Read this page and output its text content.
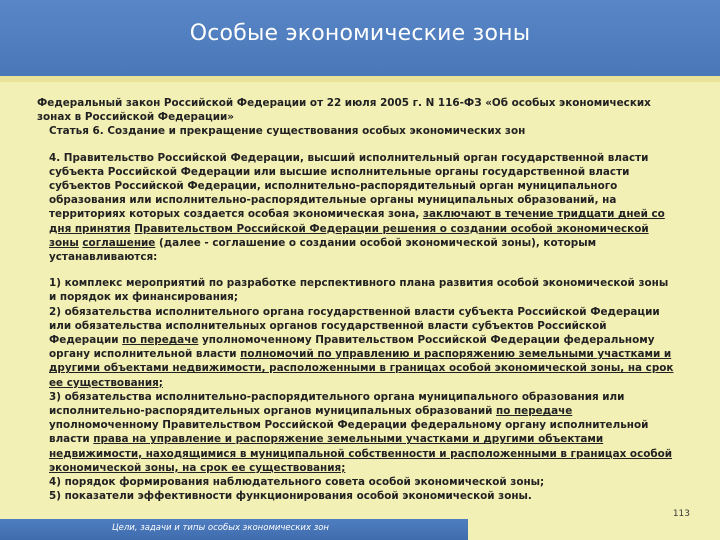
Особые экономические зоны

Федеральный закон Российской Федерации от 22 июля 2005 г. N 116-ФЗ «Об особых экономических
зонах в Российской Федерации»

Статья 6. Создание и прекращение существования особых экономических зон

4. Правительство Российской Федерации, высший исполнительный орган государственной власти субъекта Российской Федерации или высшие исполнительные органы государственной власти субъектов Российской Федерации, исполнительно-распорядительный орган муниципального образования или исполнительно-распорядительные органы муниципальных образований, на территориях которых создается особая экономическая зона, заключают в течение тридцати дней со дня принятия Правительством Российской Федерации решения о создании особой экономической зоны соглашение (далее - соглашение о создании особой экономической зоны), которым устанавливаются:

1) комплекс мероприятий по разработке перспективного плана развития особой экономической зоны и порядок их финансирования;

2) обязательства исполнительного органа государственной власти субъекта Российской Федерации или обязательства исполнительных органов государственной власти субъектов Российской Федерации по передаче уполномоченному Правительством Российской Федерации федеральному органу исполнительной власти полномочий по управлению и распоряжению земельными участками и другими объектами недвижимости, расположенными в границах особой экономической зоны, на срок ее существования;

3) обязательства исполнительно-распорядительного органа муниципального образования или исполнительно-распорядительных органов муниципальных образований по передаче уполномоченному Правительством Российской Федерации федеральному органу исполнительной власти права на управление и распоряжение земельными участками и другими объектами недвижимости, находящимися в муниципальной собственности и расположенными в границах особой экономической зоны, на срок ее существования;

4) порядок формирования наблюдательного совета особой экономической зоны;

5) показатели эффективности функционирования особой экономической зоны.

113
Цели, задачи и типы особых экономических зон
